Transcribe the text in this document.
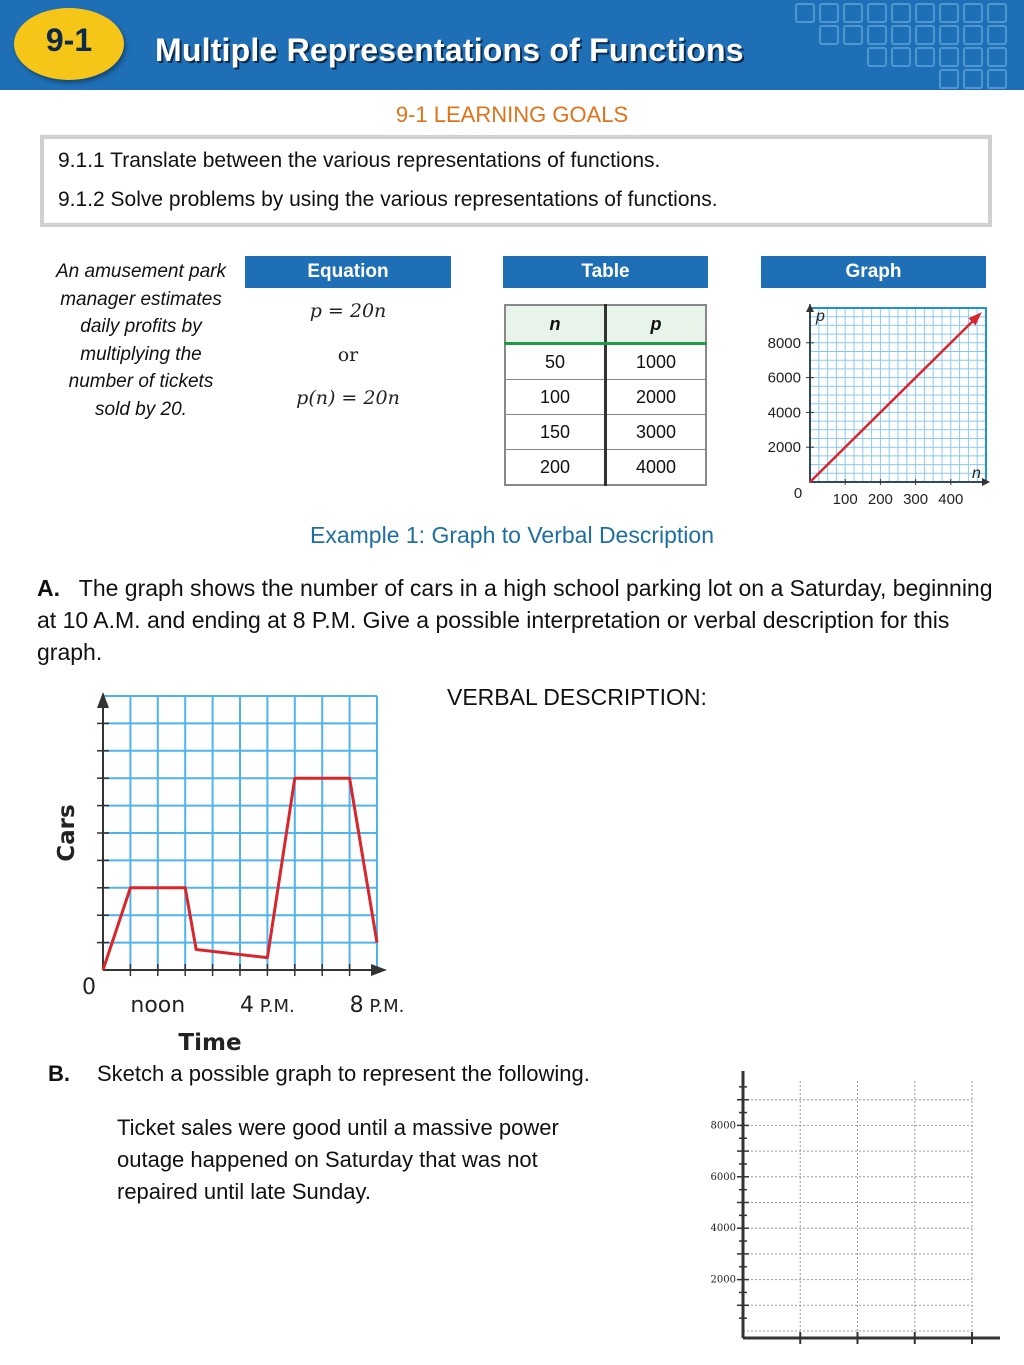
9-1	Multiple Representations of Functions
9-1 LEARNING GOALS
9.1.1 Translate between the various representations of functions.
9.1.2 Solve problems by using the various representations of functions.
An amusement park manager estimates daily profits by multiplying the number of tickets sold by 20.
Equation
p = 20n
or
p(n) = 20n
Table
n	p
50	1000
100	2000
150	3000
200	4000
Graph
100 200 300 400
2000
4000
6000
8000
0
p
n
Example 1: Graph to Verbal Description
A. The graph shows the number of cars in a high school parking lot on a Saturday, beginning at 10 A.M. and ending at 8 P.M. Give a possible interpretation or verbal description for this graph.
VERBAL DESCRIPTION:
0
noon 4 P.M. 8 P.M.
Time
Cars
B. Sketch a possible graph to represent the following.
Ticket sales were good until a massive power outage happened on Saturday that was not repaired until late Sunday.
2000
4000
6000
8000
